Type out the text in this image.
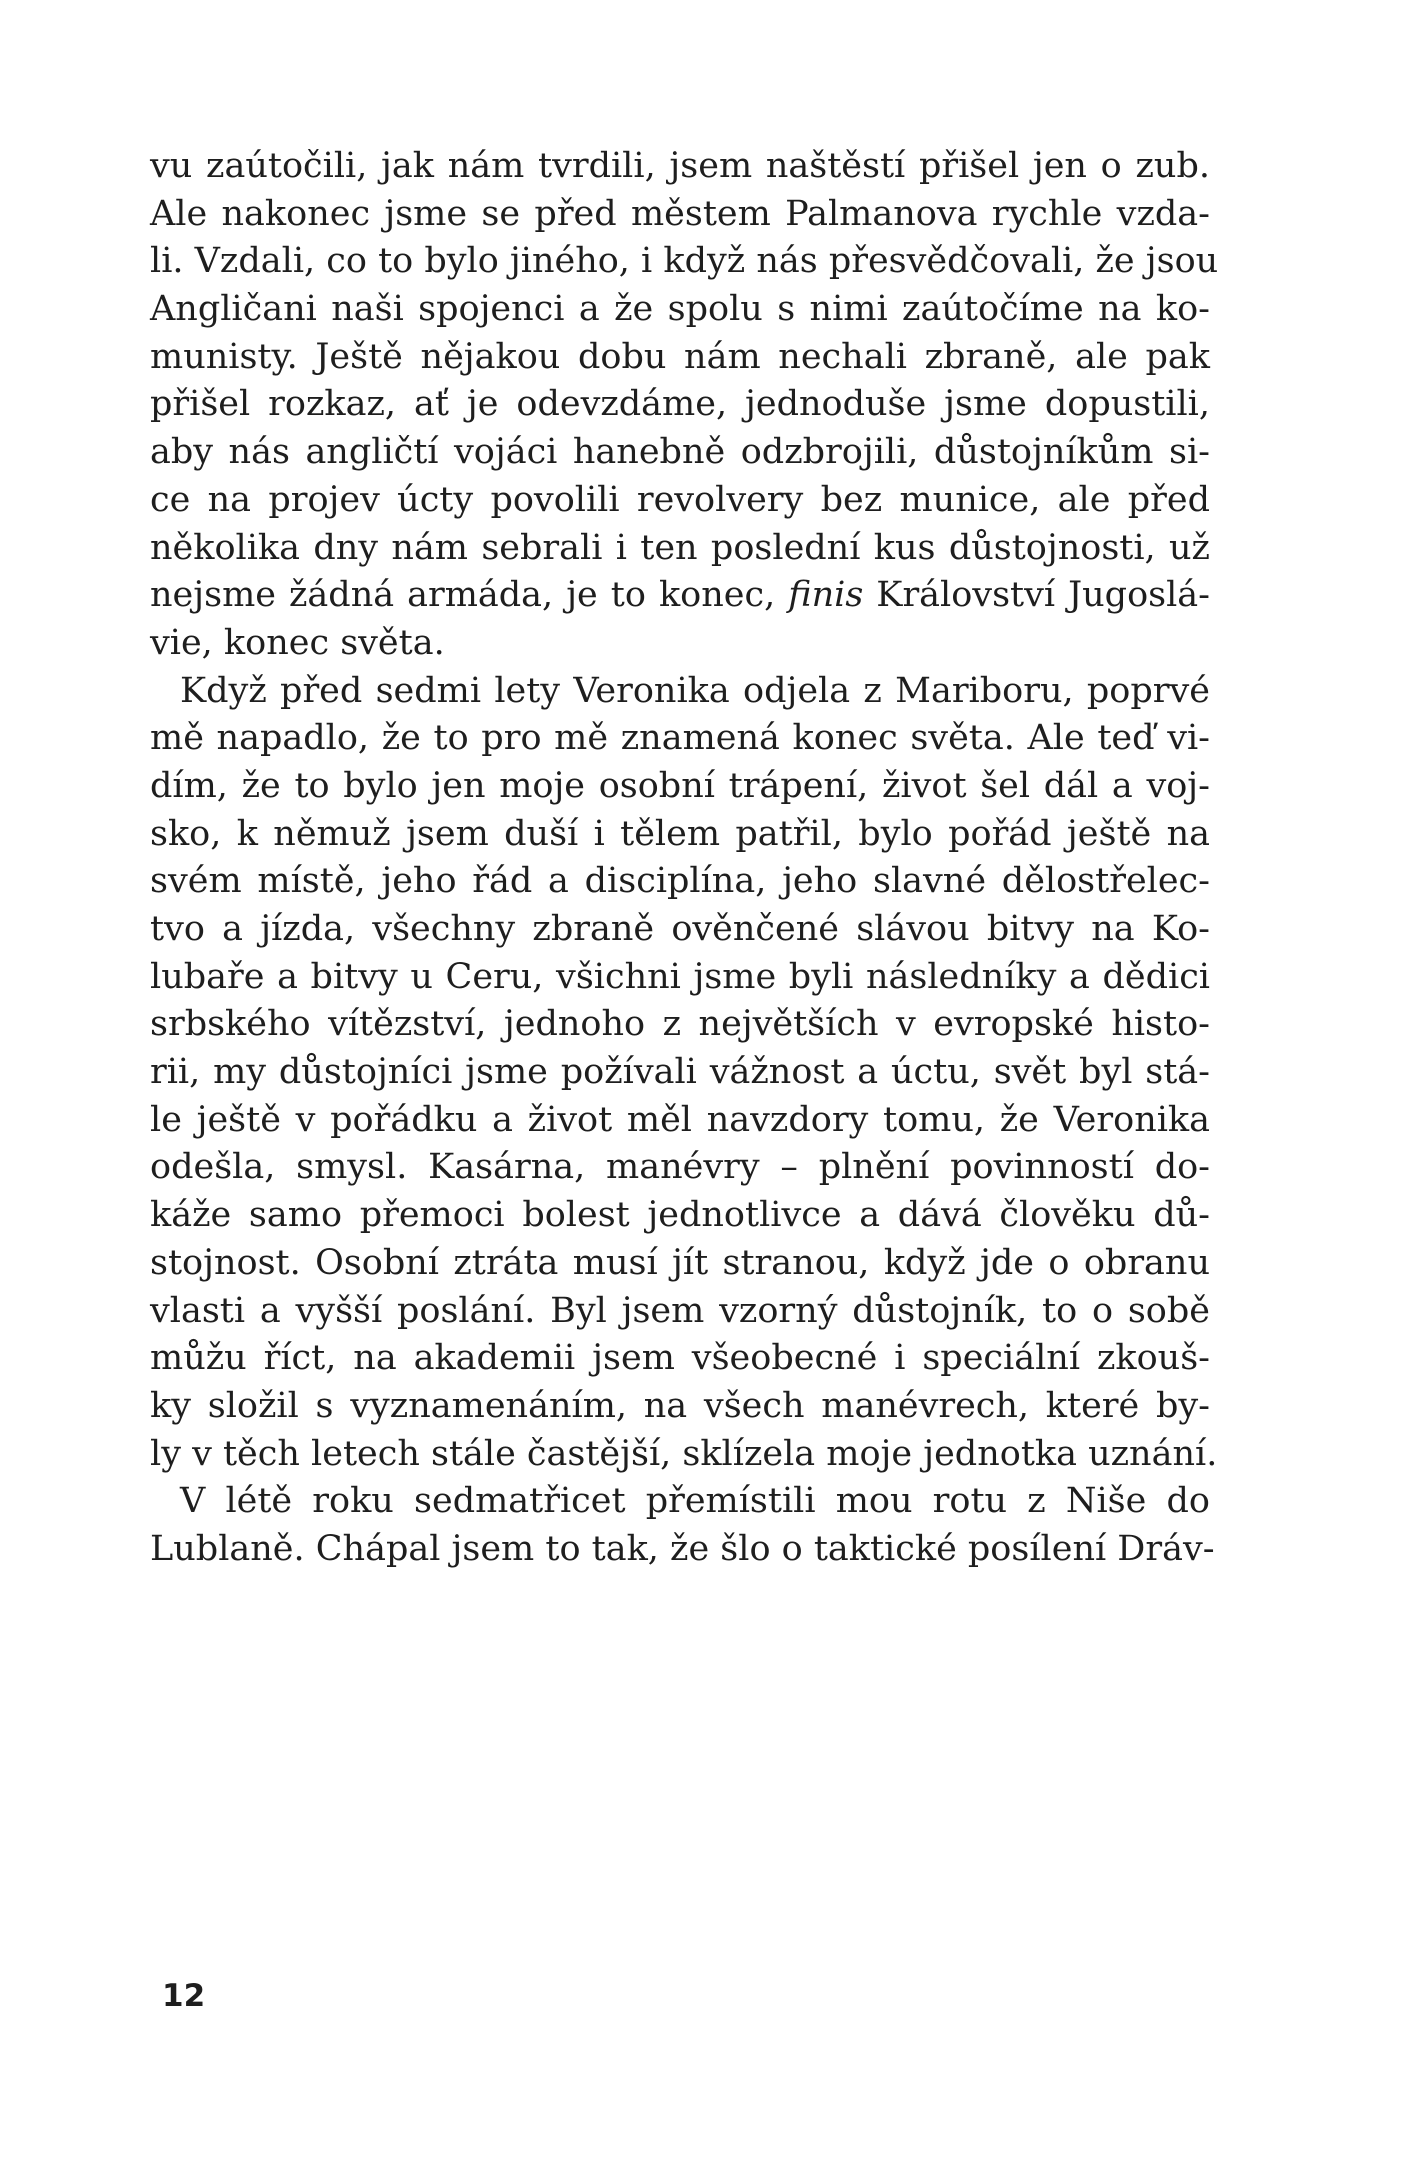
vu zaútočili, jak nám tvrdili, jsem naštěstí přišel jen o zub.
Ale nakonec jsme se před městem Palmanova rychle vzda-
li. Vzdali, co to bylo jiného, i když nás přesvědčovali, že jsou
Angličani naši spojenci a že spolu s nimi zaútočíme na ko-
munisty. Ještě nějakou dobu nám nechali zbraně, ale pak
přišel rozkaz, ať je odevzdáme, jednoduše jsme dopustili,
aby nás angličtí vojáci hanebně odzbrojili, důstojníkům si-
ce na projev úcty povolili revolvery bez munice, ale před
několika dny nám sebrali i ten poslední kus důstojnosti, už
nejsme žádná armáda, je to konec, finis Království Jugoslá-
vie, konec světa.
Když před sedmi lety Veronika odjela z Mariboru, poprvé
mě napadlo, že to pro mě znamená konec světa. Ale teď vi-
dím, že to bylo jen moje osobní trápení, život šel dál a voj-
sko, k němuž jsem duší i tělem patřil, bylo pořád ještě na
svém místě, jeho řád a disciplína, jeho slavné dělostřelec-
tvo a jízda, všechny zbraně ověnčené slávou bitvy na Ko-
lubaře a bitvy u Ceru, všichni jsme byli následníky a dědici
srbského vítězství, jednoho z největších v evropské histo-
rii, my důstojníci jsme požívali vážnost a úctu, svět byl stá-
le ještě v pořádku a život měl navzdory tomu, že Veronika
odešla, smysl. Kasárna, manévry – plnění povinností do-
káže samo přemoci bolest jednotlivce a dává člověku dů-
stojnost. Osobní ztráta musí jít stranou, když jde o obranu
vlasti a vyšší poslání. Byl jsem vzorný důstojník, to o sobě
můžu říct, na akademii jsem všeobecné i speciální zkouš-
ky složil s vyznamenáním, na všech manévrech, které by-
ly v těch letech stále častější, sklízela moje jednotka uznání.
V létě roku sedmatřicet přemístili mou rotu z Niše do
Lublaně. Chápal jsem to tak, že šlo o taktické posílení Dráv-
12
